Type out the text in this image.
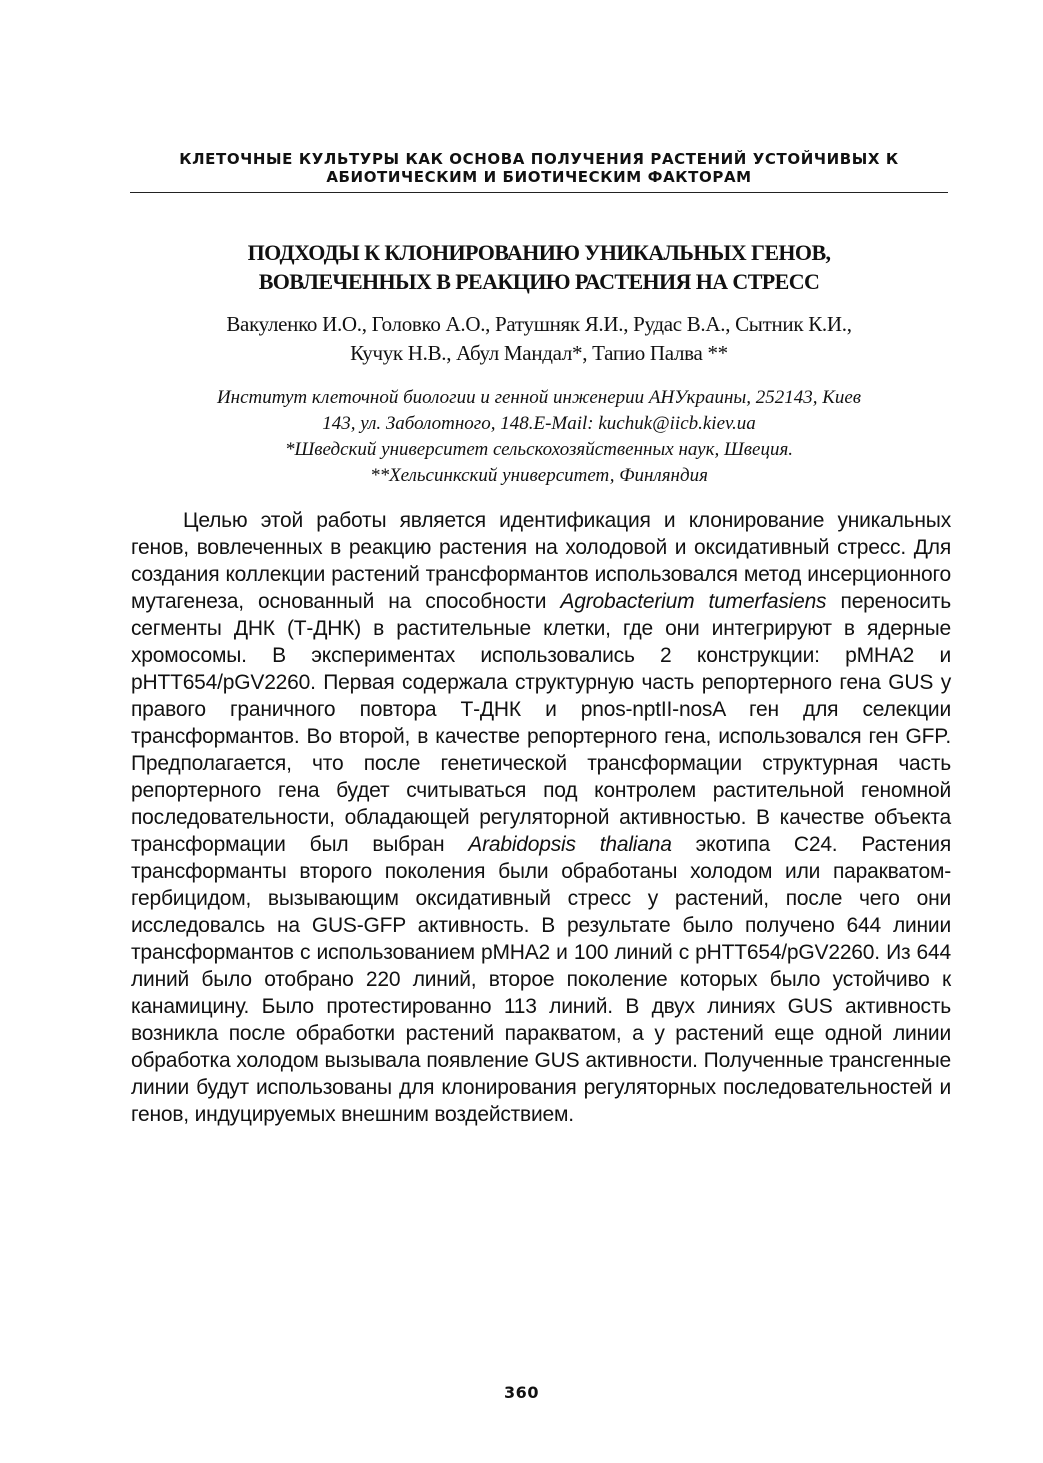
КЛЕТОЧНЫЕ КУЛЬТУРЫ КАК ОСНОВА ПОЛУЧЕНИЯ РАСТЕНИЙ УСТОЙЧИВЫХ К
АБИОТИЧЕСКИМ И БИОТИЧЕСКИМ ФАКТОРАМ
ПОДХОДЫ К КЛОНИРОВАНИЮ УНИКАЛЬНЫХ ГЕНОВ,
ВОВЛЕЧЕННЫХ В РЕАКЦИЮ РАСТЕНИЯ НА СТРЕСС
Вакуленко И.О., Головко А.О., Ратушняк Я.И., Рудас В.А., Сытник К.И.,
Кучук Н.В., Абул Мандал*, Тапио Палва **
Институт клеточной биологии и генной инженерии АНУкраины, 252143, Киев
143, ул. Заболотного, 148.E-Mail: kuchuk@iicb.kiev.ua
*Шведский университет сельскохозяйственных наук, Швеция.
**Хельсинкский университет, Финляндия

Целью этой работы является идентификация и клонирование уникальных генов, вовлеченных в реакцию растения на холодовой и оксидативный стресс. Для создания коллекции растений трансформантов использовался метод инсерционного мутагенеза, основанный на способности Agrobacterium tumerfasiens переносить сегменты ДНК (Т-ДНК) в растительные клетки, где они интегрируют в ядерные хромосомы. В экспериментах использовались 2 конструкции: pMHA2 и pHTT654/pGV2260. Первая содержала структурную часть репортерного гена GUS у правого граничного повтора Т-ДНК и pnos-nptII-nosA ген для селекции трансформантов. Во второй, в качестве репортерного гена, использовался ген GFP. Предполагается, что после генетической трансформации структурная часть репортерного гена будет считываться под контролем растительной геномной последовательности, обладающей регуляторной активностью. В качестве объекта трансформации был выбран Arabidopsis thaliana экотипа C24. Растения трансформанты второго поколения были обработаны холодом или паракватом-гербицидом, вызывающим оксидативный стресс у растений, после чего они исследовалсь на GUS-GFP активность. В результате было получено 644 линии трансформантов с использованием pMHA2 и 100 линий с pHTT654/pGV2260. Из 644 линий было отобрано 220 линий, второе поколение которых было устойчиво к канамицину. Было протестированно 113 линий. В двух линиях GUS активность возникла после обработки растений паракватом, а у растений еще одной линии обработка холодом вызывала появление GUS активности. Полученные трансгенные линии будут использованы для клонирования регуляторных последовательностей и генов, индуцируемых внешним воздействием.

360
